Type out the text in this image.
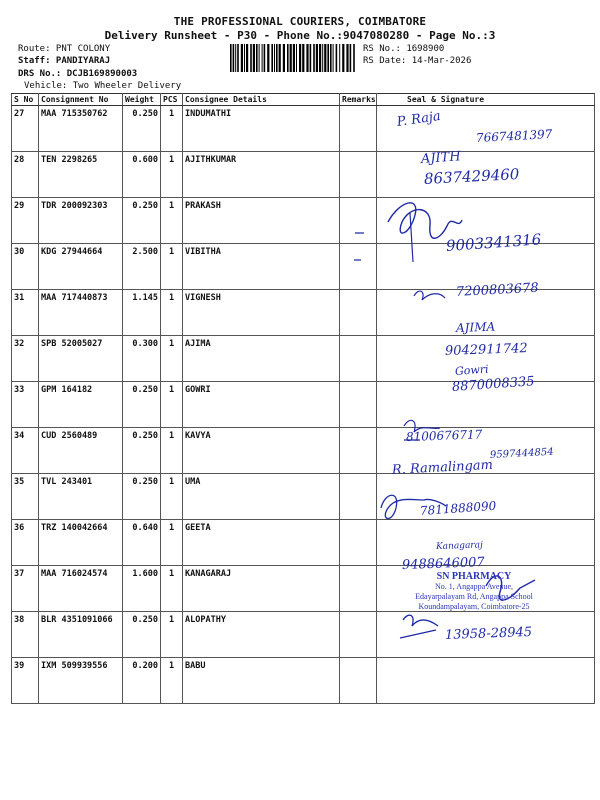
THE PROFESSIONAL COURIERS, COIMBATORE
Delivery Runsheet - P30 - Phone No.:9047080280 - Page No.:3
Route: PNT COLONY
Staff: PANDIYARAJ
DRS No.: DCJB169890003
Vehicle: Two Wheeler Delivery
RS No.: 1698900
RS Date: 14-Mar-2026
S No	Consignment No	Weight	PCS	Consignee Details	Remarks	Seal & Signature
27	MAA 715350762	0.250	1	INDUMATHI		
28	TEN 2298265	0.600	1	AJITHKUMAR		
29	TDR 200092303	0.250	1	PRAKASH		
30	KDG 27944664	2.500	1	VIBITHA		
31	MAA 717440873	1.145	1	VIGNESH		
32	SPB 52005027	0.300	1	AJIMA		
33	GPM 164182	0.250	1	GOWRI		
34	CUD 2560489	0.250	1	KAVYA		
35	TVL 243401	0.250	1	UMA		
36	TRZ 140042664	0.640	1	GEETA		
37	MAA 716024574	1.600	1	KANAGARAJ		
38	BLR 4351091066	0.250	1	ALOPATHY		
39	IXM 509939556	0.200	1	BABU		
P. Raja
7667481397
AJITH
8637429460
9003341316
7200803678
AJIMA
9042911742
Gowri
8870008335
8100676717
R. Ramalingam
9597444854
7811888090
Kanagaraj
9488646007
13958-28945
SN PHARMACY
No. 1, Angappa Avenue,
Edayarpalayam Rd, Angappa School
Koundampalayam, Coimbatore-25
